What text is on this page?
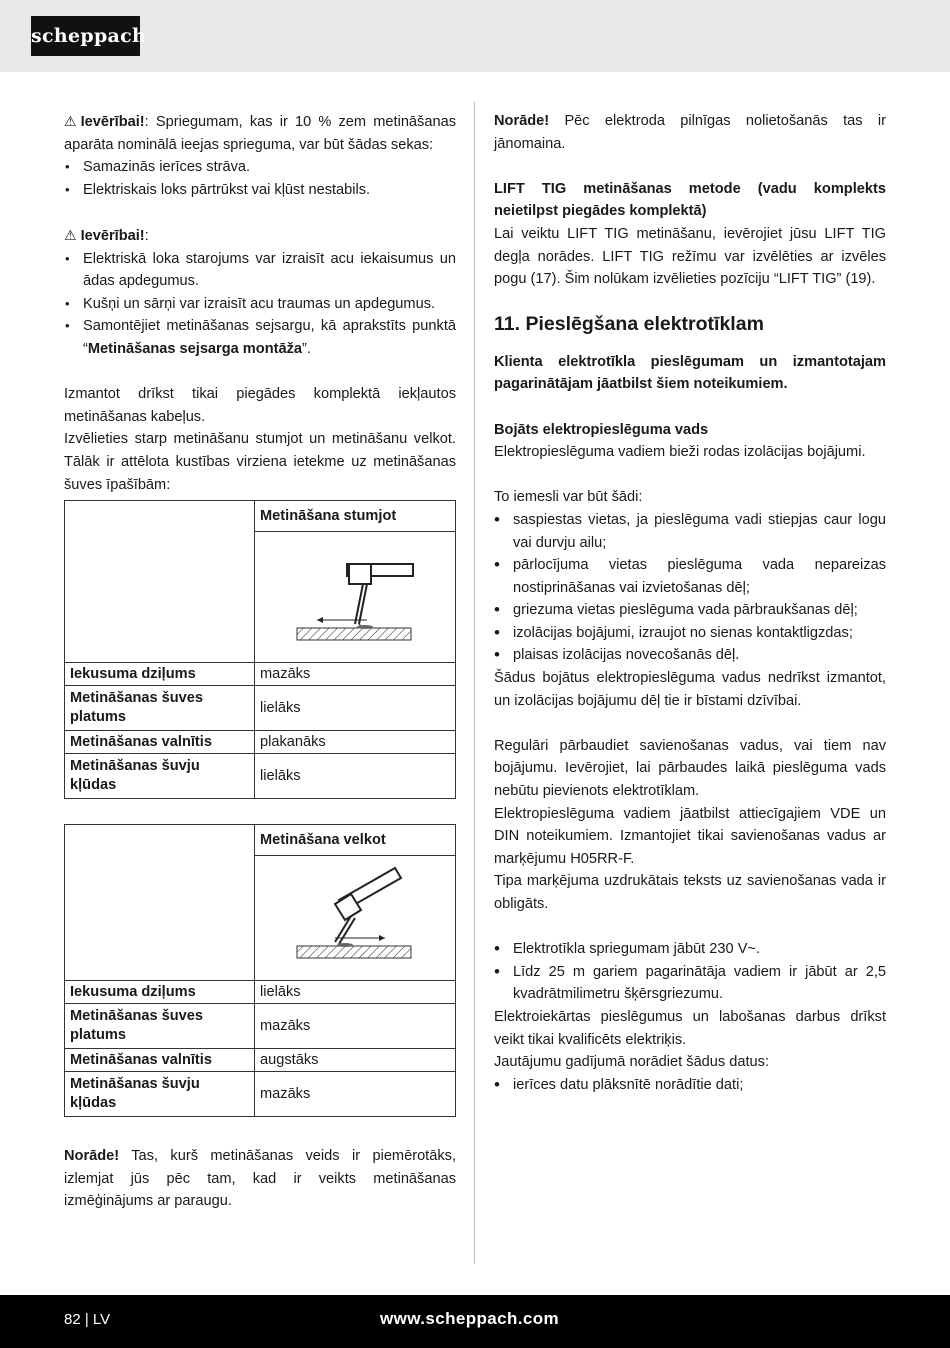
scheppach

⚠ Ievērībai!: Spriegumam, kas ir 10 % zem metināšanas aparāta nominālā ieejas sprieguma, var būt šādas sekas:

• Samazinās ierīces strāva.
• Elektriskais loks pārtrūkst vai kļūst nestabils.

⚠ Ievērībai!:

• Elektriskā loka starojums var izraisīt acu iekaisumus un ādas apdegumus.
• Kušņi un sārņi var izraisīt acu traumas un apdegumus.
• Samontējiet metināšanas sejsargu, kā aprakstīts punktā “Metināšanas sejsarga montāža”.

Izmantot drīkst tikai piegādes komplektā iekļautos metināšanas kabeļus.

Izvēlieties starp metināšanu stumjot un metināšanu velkot. Tālāk ir attēlota kustības virziena ietekme uz metināšanas šuves īpašībām:

	Metināšana stumjot

Iekusuma dziļums	mazāks
Metināšanas šuves platums	lielāks
Metināšanas valnītis	plakanāks
Metināšanas šuvju kļūdas	lielāks
	Metināšana velkot

Iekusuma dziļums	lielāks
Metināšanas šuves platums	mazāks
Metināšanas valnītis	augstāks
Metināšanas šuvju kļūdas	mazāks

Norāde! Tas, kurš metināšanas veids ir piemērotāks, izlemjat jūs pēc tam, kad ir veikts metināšanas izmēģinājums ar paraugu.

Norāde! Pēc elektroda pilnīgas nolietošanās tas ir jānomaina.

LIFT TIG metināšanas metode (vadu komplekts neietilpst piegādes komplektā)

Lai veiktu LIFT TIG metināšanu, ievērojiet jūsu LIFT TIG degļa norādes. LIFT TIG režīmu var izvēlēties ar izvēles pogu (17). Šim nolūkam izvēlieties pozīciju “LIFT TIG” (19).

11. Pieslēgšana elektrotīklam

Klienta elektrotīkla pieslēgumam un izmantotajam pagarinātājam jāatbilst šiem noteikumiem.

Bojāts elektropieslēguma vads

Elektropieslēguma vadiem bieži rodas izolācijas bojājumi.

To iemesli var būt šādi:

• saspiestas vietas, ja pieslēguma vadi stiepjas caur logu vai durvju ailu;
• pārlocījuma vietas pieslēguma vada nepareizas nostiprināšanas vai izvietošanas dēļ;
• griezuma vietas pieslēguma vada pārbraukšanas dēļ;
• izolācijas bojājumi, izraujot no sienas kontaktligzdas;
• plaisas izolācijas novecošanās dēļ.

Šādus bojātus elektropieslēguma vadus nedrīkst izmantot, un izolācijas bojājumu dēļ tie ir bīstami dzīvībai.

Regulāri pārbaudiet savienošanas vadus, vai tiem nav bojājumu. Ievērojiet, lai pārbaudes laikā pieslēguma vads nebūtu pievienots elektrotīklam.

Elektropieslēguma vadiem jāatbilst attiecīgajiem VDE un DIN noteikumiem. Izmantojiet tikai savienošanas vadus ar marķējumu H05RR-F.

Tipa marķējuma uzdrukātais teksts uz savienošanas vada ir obligāts.

• Elektrotīkla spriegumam jābūt 230 V~.
• Līdz 25 m gariem pagarinātāja vadiem ir jābūt ar 2,5 kvadrātmilimetru šķērsgriezumu.

Elektroiekārtas pieslēgumus un labošanas darbus drīkst veikt tikai kvalificēts elektriķis.

Jautājumu gadījumā norādiet šādus datus:

• ierīces datu plāksnītē norādītie dati;
82 | LV	www.scheppach.com
